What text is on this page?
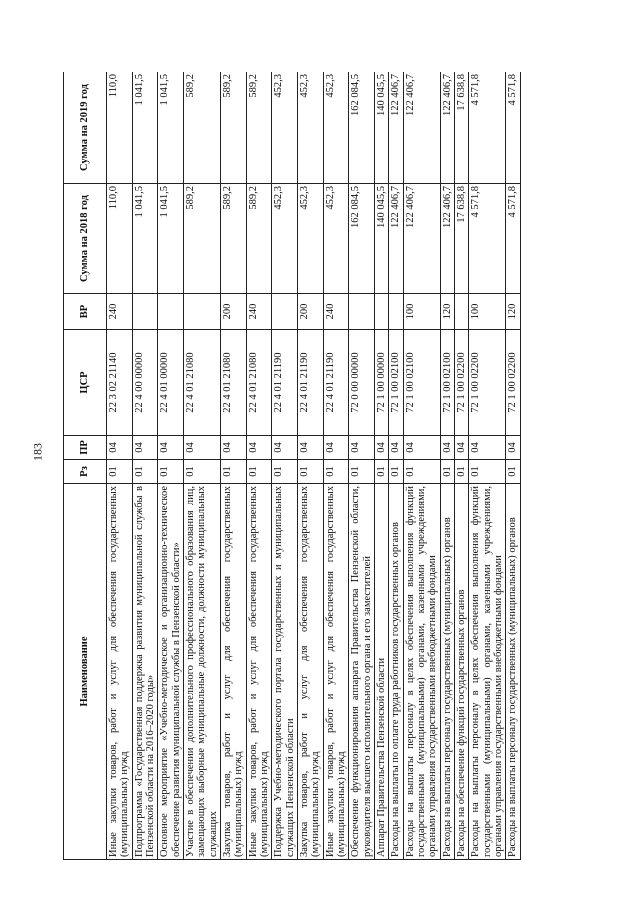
183
Наименование	Рз	ПР	ЦСР	ВР	Сумма на 2018 год	Сумма на 2019 год
Иные закупки товаров, работ и услуг для обеспечения государственных (муниципальных) нужд	01	04	22 3 02 21140	240	110,0	110,0
Подпрограмма «Государственная поддержка развития муниципальной службы в Пензенской области на 2016–2020 годы»	01	04	22 4 00 00000		1 041,5	1 041,5
Основное мероприятие «Учебно-методическое и организационно-техническое обеспечение развития муниципальной службы в Пензенской области»	01	04	22 4 01 00000		1 041,5	1 041,5
Участие в обеспечении дополнительного профессионального образования лиц, замещающих выборные муниципальные должности, должности муниципальных служащих	01	04	22 4 01 21080		589,2	589,2
Закупка товаров, работ и услуг для обеспечения государственных (муниципальных) нужд	01	04	22 4 01 21080	200	589,2	589,2
Иные закупки товаров, работ и услуг для обеспечения государственных (муниципальных) нужд	01	04	22 4 01 21080	240	589,2	589,2
Поддержка Учебно-методического портала государственных и муниципальных служащих Пензенской области	01	04	22 4 01 21190		452,3	452,3
Закупка товаров, работ и услуг для обеспечения государственных (муниципальных) нужд	01	04	22 4 01 21190	200	452,3	452,3
Иные закупки товаров, работ и услуг для обеспечения государственных (муниципальных) нужд	01	04	22 4 01 21190	240	452,3	452,3
Обеспечение функционирования аппарата Правительства Пензенской области, руководителя высшего исполнительного органа и его заместителей	01	04	72 0 00 00000		162 084,5	162 084,5
Аппарат Правительства Пензенской области	01	04	72 1 00 00000		140 045,5	140 045,5
Расходы на выплаты по оплате труда работников государственных органов	01	04	72 1 00 02100		122 406,7	122 406,7
Расходы на выплаты персоналу в целях обеспечения выполнения функций государственными (муниципальными) органами, казенными учреждениями, органами управления государственными внебюджетными фондами	01	04	72 1 00 02100	100	122 406,7	122 406,7
Расходы на выплаты персоналу государственных (муниципальных) органов	01	04	72 1 00 02100	120	122 406,7	122 406,7
Расходы на обеспечение функций государственных органов	01	04	72 1 00 02200		17 638,8	17 638,8
Расходы на выплаты персоналу в целях обеспечения выполнения функций государственными (муниципальными) органами, казенными учреждениями, органами управления государственными внебюджетными фондами	01	04	72 1 00 02200	100	4 571,8	4 571,8
Расходы на выплаты персоналу государственных (муниципальных) органов	01	04	72 1 00 02200	120	4 571,8	4 571,8
